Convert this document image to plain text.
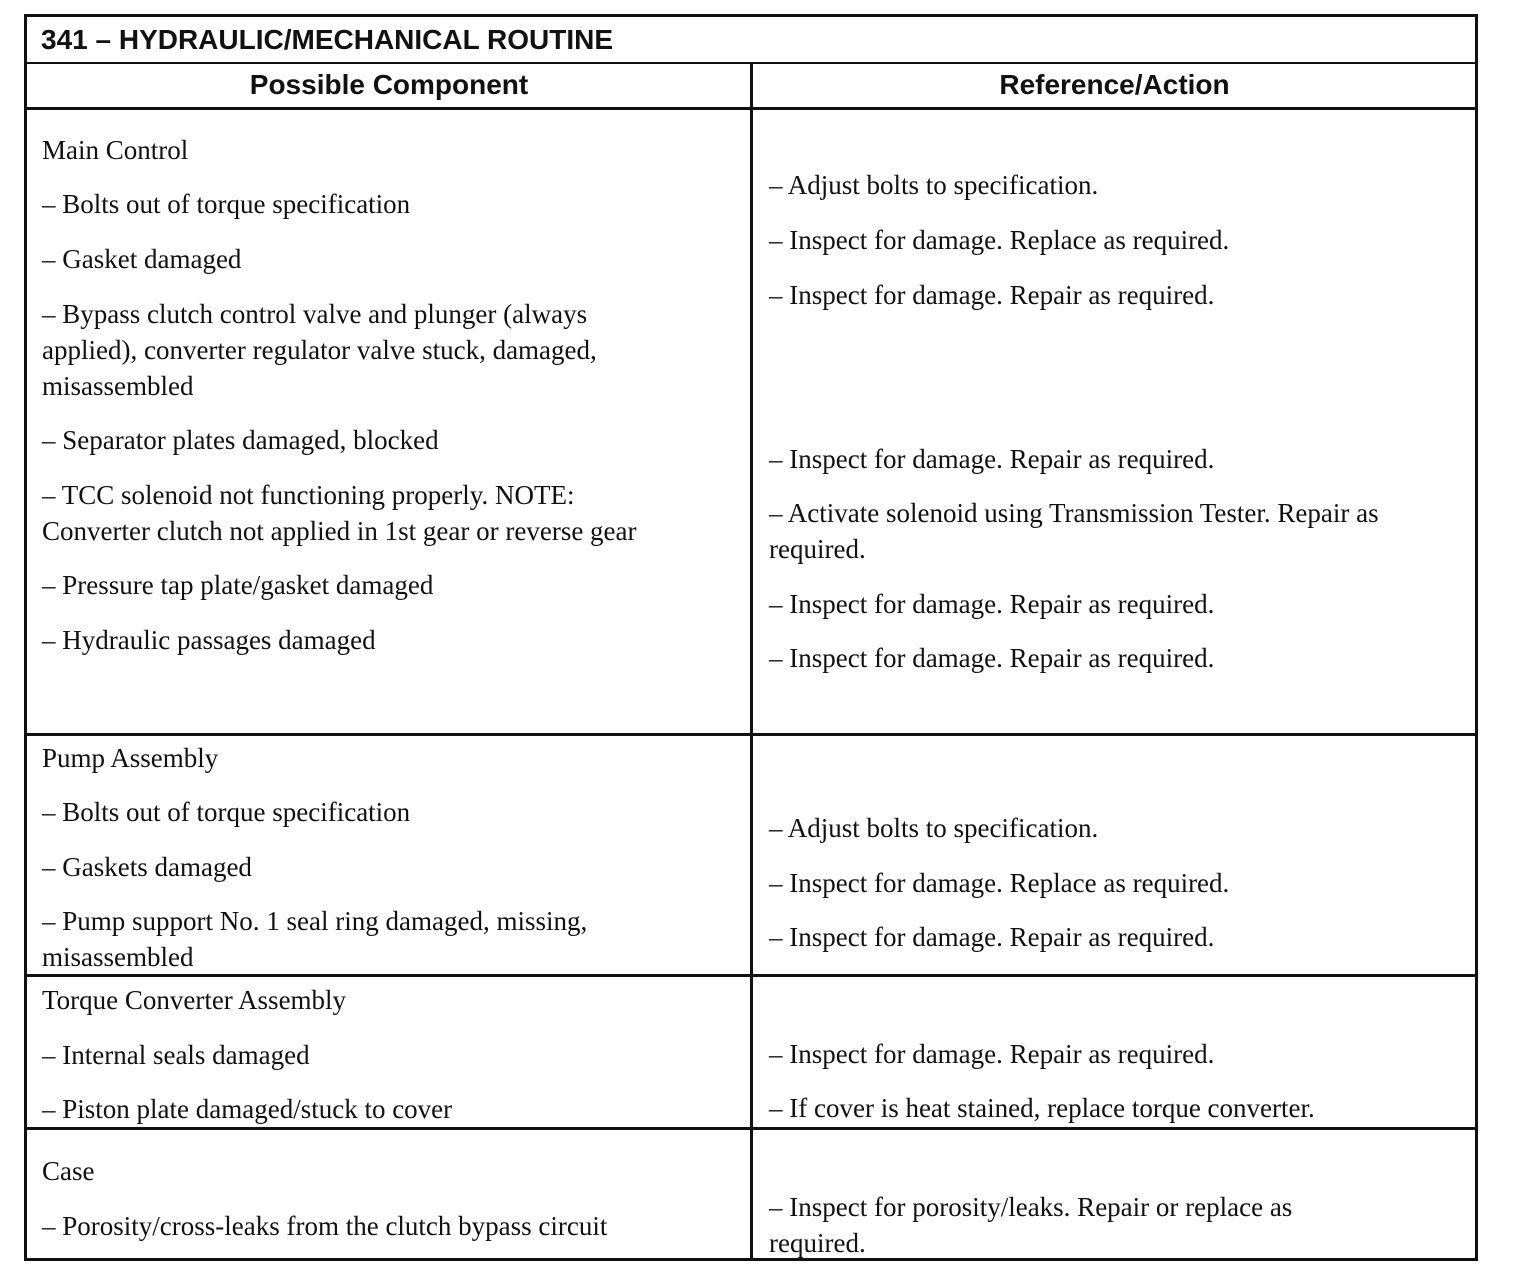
341 – HYDRAULIC/MECHANICAL ROUTINE
Possible Component	Reference/Action
Main Control
– Bolts out of torque specification
– Gasket damaged
– Bypass clutch control valve and plunger (always
applied), converter regulator valve stuck, damaged,
misassembled
– Separator plates damaged, blocked
– TCC solenoid not functioning properly. NOTE:
Converter clutch not applied in 1st gear or reverse gear
– Pressure tap plate/gasket damaged
– Hydraulic passages damaged
– Adjust bolts to specification.
– Inspect for damage. Replace as required.
– Inspect for damage. Repair as required.
– Inspect for damage. Repair as required.
– Activate solenoid using Transmission Tester. Repair as
required.
– Inspect for damage. Repair as required.
– Inspect for damage. Repair as required.
Pump Assembly
– Bolts out of torque specification
– Gaskets damaged
– Pump support No. 1 seal ring damaged, missing,
misassembled
– Adjust bolts to specification.
– Inspect for damage. Replace as required.
– Inspect for damage. Repair as required.
Torque Converter Assembly
– Internal seals damaged
– Piston plate damaged/stuck to cover
– Inspect for damage. Repair as required.
– If cover is heat stained, replace torque converter.
Case
– Porosity/cross-leaks from the clutch bypass circuit
– Inspect for porosity/leaks. Repair or replace as
required.
